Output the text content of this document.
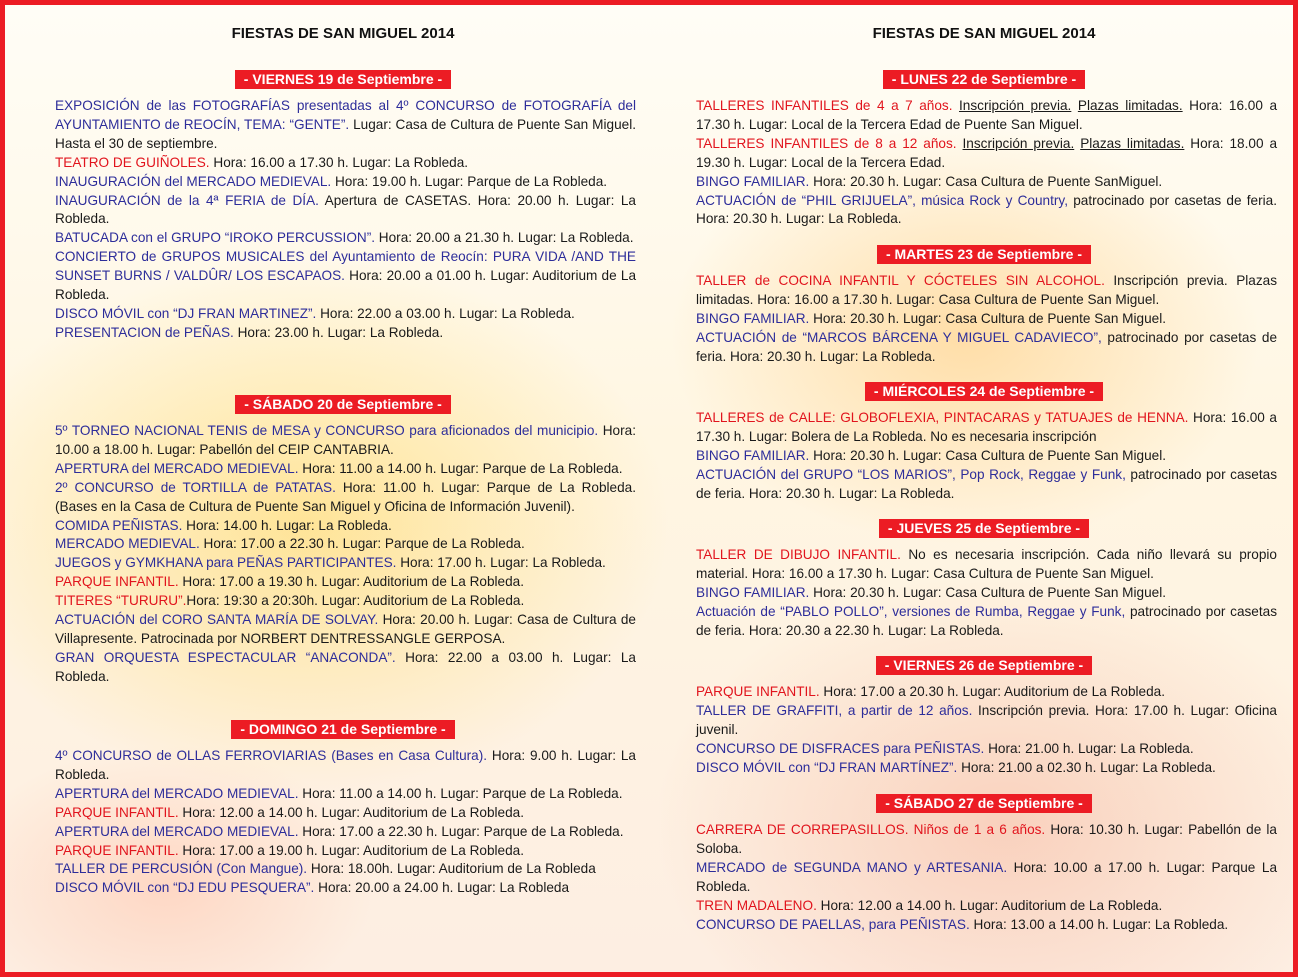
FIESTAS DE SAN MIGUEL 2014
- VIERNES 19 de Septiembre -

EXPOSICIÓN de las FOTOGRAFÍAS presentadas al 4º CONCURSO de FOTOGRAFÍA del AYUNTAMIENTO de REOCÍN, TEMA: “GENTE”. Lugar: Casa de Cultura de Puente San Miguel. Hasta el 30 de septiembre.

TEATRO DE GUIÑOLES. Hora: 16.00 a 17.30 h. Lugar: La Robleda.

INAUGURACIÓN del MERCADO MEDIEVAL. Hora: 19.00 h. Lugar: Parque de La Robleda.

INAUGURACIÓN de la 4ª FERIA de DÍA. Apertura de CASETAS. Hora: 20.00 h. Lugar: La Robleda.

BATUCADA con el GRUPO “IROKO PERCUSSION”. Hora: 20.00 a 21.30 h. Lugar: La Robleda.

CONCIERTO de GRUPOS MUSICALES del Ayuntamiento de Reocín: PURA VIDA /AND THE SUNSET BURNS / VALDÛR/ LOS ESCAPAOS. Hora: 20.00 a 01.00 h. Lugar: Auditorium de La Robleda.

DISCO MÓVIL con “DJ FRAN MARTINEZ”. Hora: 22.00 a 03.00 h. Lugar: La Robleda.

PRESENTACION de PEÑAS. Hora: 23.00 h. Lugar: La Robleda.

- SÁBADO 20 de Septiembre -

5º TORNEO NACIONAL TENIS de MESA y CONCURSO para aficionados del municipio. Hora: 10.00 a 18.00 h. Lugar: Pabellón del CEIP CANTABRIA.

APERTURA del MERCADO MEDIEVAL. Hora: 11.00 a 14.00 h. Lugar: Parque de La Robleda.

2º CONCURSO de TORTILLA de PATATAS. Hora: 11.00 h. Lugar: Parque de La Robleda. (Bases en la Casa de Cultura de Puente San Miguel y Oficina de Información Juvenil).

COMIDA PEÑISTAS. Hora: 14.00 h. Lugar: La Robleda.

MERCADO MEDIEVAL. Hora: 17.00 a 22.30 h. Lugar: Parque de La Robleda.

JUEGOS y GYMKHANA para PEÑAS PARTICIPANTES. Hora: 17.00 h. Lugar: La Robleda.

PARQUE INFANTIL. Hora: 17.00 a 19.30 h. Lugar: Auditorium de La Robleda.

TITERES “TURURU”.Hora: 19:30 a 20:30h. Lugar: Auditorium de La Robleda.

ACTUACIÓN del CORO SANTA MARÍA DE SOLVAY. Hora: 20.00 h. Lugar: Casa de Cultura de Villapresente. Patrocinada por NORBERT DENTRESSANGLE GERPOSA.

GRAN ORQUESTA ESPECTACULAR “ANACONDA”. Hora: 22.00 a 03.00 h. Lugar: La Robleda.

- DOMINGO 21 de Septiembre -

4º CONCURSO de OLLAS FERROVIARIAS (Bases en Casa Cultura). Hora: 9.00 h. Lugar: La Robleda.

APERTURA del MERCADO MEDIEVAL. Hora: 11.00 a 14.00 h. Lugar: Parque de La Robleda.

PARQUE INFANTIL. Hora: 12.00 a 14.00 h. Lugar: Auditorium de La Robleda.

APERTURA del MERCADO MEDIEVAL. Hora: 17.00 a 22.30 h. Lugar: Parque de La Robleda.

PARQUE INFANTIL. Hora: 17.00 a 19.00 h. Lugar: Auditorium de La Robleda.

TALLER DE PERCUSIÓN (Con Mangue). Hora: 18.00h. Lugar: Auditorium de La Robleda

DISCO MÓVIL con “DJ EDU PESQUERA”. Hora: 20.00 a 24.00 h. Lugar: La Robleda

FIESTAS DE SAN MIGUEL 2014
- LUNES 22 de Septiembre -

TALLERES INFANTILES de 4 a 7 años. Inscripción previa. Plazas limitadas. Hora: 16.00 a 17.30 h. Lugar: Local de la Tercera Edad de Puente San Miguel.

TALLERES INFANTILES de 8 a 12 años. Inscripción previa. Plazas limitadas. Hora: 18.00 a 19.30 h. Lugar: Local de la Tercera Edad.

BINGO FAMILIAR. Hora: 20.30 h. Lugar: Casa Cultura de Puente SanMiguel.

ACTUACIÓN de “PHIL GRIJUELA”, música Rock y Country, patrocinado por casetas de feria. Hora: 20.30 h. Lugar: La Robleda.

- MARTES 23 de Septiembre -

TALLER de COCINA INFANTIL Y CÓCTELES SIN ALCOHOL. Inscripción previa. Plazas limitadas. Hora: 16.00 a 17.30 h. Lugar: Casa Cultura de Puente San Miguel.

BINGO FAMILIAR. Hora: 20.30 h. Lugar: Casa Cultura de Puente San Miguel.

ACTUACIÓN de “MARCOS BÁRCENA Y MIGUEL CADAVIECO”, patrocinado por casetas de feria. Hora: 20.30 h. Lugar: La Robleda.

- MIÉRCOLES 24 de Septiembre -

TALLERES de CALLE: GLOBOFLEXIA, PINTACARAS y TATUAJES de HENNA. Hora: 16.00 a 17.30 h. Lugar: Bolera de La Robleda. No es necesaria inscripción

BINGO FAMILIAR. Hora: 20.30 h. Lugar: Casa Cultura de Puente San Miguel.

ACTUACIÓN del GRUPO “LOS MARIOS”, Pop Rock, Reggae y Funk, patrocinado por casetas de feria. Hora: 20.30 h. Lugar: La Robleda.

- JUEVES 25 de Septiembre -

TALLER DE DIBUJO INFANTIL. No es necesaria inscripción. Cada niño llevará su propio material. Hora: 16.00 a 17.30 h. Lugar: Casa Cultura de Puente San Miguel.

BINGO FAMILIAR. Hora: 20.30 h. Lugar: Casa Cultura de Puente San Miguel.

Actuación de “PABLO POLLO”, versiones de Rumba, Reggae y Funk, patrocinado por casetas de feria. Hora: 20.30 a 22.30 h. Lugar: La Robleda.

- VIERNES 26 de Septiembre -

PARQUE INFANTIL. Hora: 17.00 a 20.30 h. Lugar: Auditorium de La Robleda.

TALLER DE GRAFFITI, a partir de 12 años. Inscripción previa. Hora: 17.00 h. Lugar: Oficina juvenil.

CONCURSO DE DISFRACES para PEÑISTAS. Hora: 21.00 h. Lugar: La Robleda.

DISCO MÓVIL con “DJ FRAN MARTÍNEZ”. Hora: 21.00 a 02.30 h. Lugar: La Robleda.

- SÁBADO 27 de Septiembre -

CARRERA DE CORREPASILLOS. Niños de 1 a 6 años. Hora: 10.30 h. Lugar: Pabellón de la Soloba.

MERCADO de SEGUNDA MANO y ARTESANIA. Hora: 10.00 a 17.00 h. Lugar: Parque La Robleda.

TREN MADALENO. Hora: 12.00 a 14.00 h. Lugar: Auditorium de La Robleda.

CONCURSO DE PAELLAS, para PEÑISTAS. Hora: 13.00 a 14.00 h. Lugar: La Robleda.
